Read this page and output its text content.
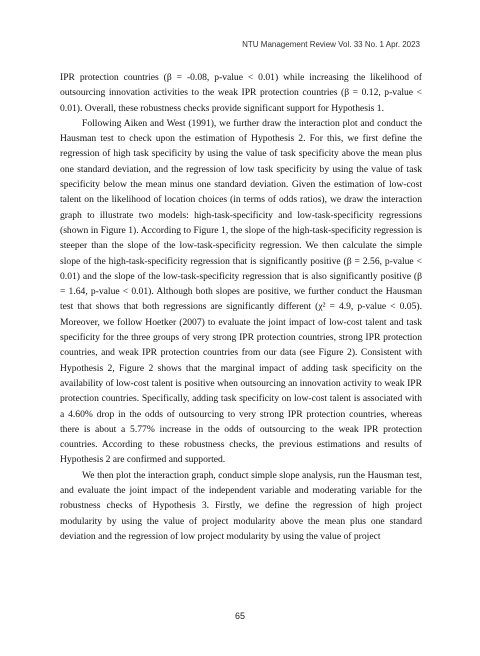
NTU Management Review Vol. 33 No. 1 Apr. 2023

IPR protection countries (β = -0.08, p-value < 0.01) while increasing the likelihood of outsourcing innovation activities to the weak IPR protection countries (β = 0.12, p-value < 0.01). Overall, these robustness checks provide significant support for Hypothesis 1.

Following Aiken and West (1991), we further draw the interaction plot and conduct the Hausman test to check upon the estimation of Hypothesis 2. For this, we first define the regression of high task specificity by using the value of task specificity above the mean plus one standard deviation, and the regression of low task specificity by using the value of task specificity below the mean minus one standard deviation. Given the estimation of low-cost talent on the likelihood of location choices (in terms of odds ratios), we draw the interaction graph to illustrate two models: high-task-specificity and low-task-specificity regressions (shown in Figure 1). According to Figure 1, the slope of the high-task-specificity regression is steeper than the slope of the low-task-specificity regression. We then calculate the simple slope of the high-task-specificity regression that is significantly positive (β = 2.56, p-value < 0.01) and the slope of the low-task-specificity regression that is also significantly positive (β = 1.64, p-value < 0.01). Although both slopes are positive, we further conduct the Hausman test that shows that both regressions are significantly different (χ² = 4.9, p-value < 0.05). Moreover, we follow Hoetker (2007) to evaluate the joint impact of low-cost talent and task specificity for the three groups of very strong IPR protection countries, strong IPR protection countries, and weak IPR protection countries from our data (see Figure 2). Consistent with Hypothesis 2, Figure 2 shows that the marginal impact of adding task specificity on the availability of low-cost talent is positive when outsourcing an innovation activity to weak IPR protection countries. Specifically, adding task specificity on low-cost talent is associated with a 4.60% drop in the odds of outsourcing to very strong IPR protection countries, whereas there is about a 5.77% increase in the odds of outsourcing to the weak IPR protection countries. According to these robustness checks, the previous estimations and results of Hypothesis 2 are confirmed and supported.

We then plot the interaction graph, conduct simple slope analysis, run the Hausman test, and evaluate the joint impact of the independent variable and moderating variable for the robustness checks of Hypothesis 3. Firstly, we define the regression of high project modularity by using the value of project modularity above the mean plus one standard deviation and the regression of low project modularity by using the value of project

65
